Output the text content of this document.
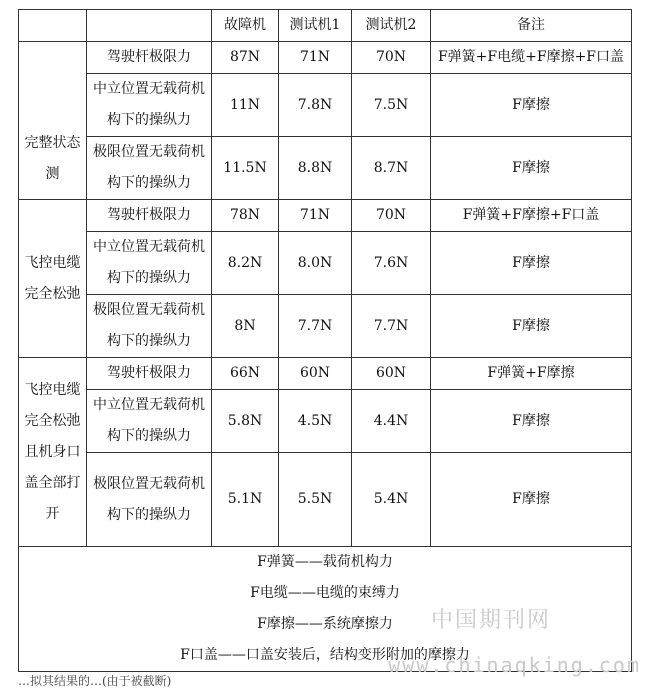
		故障机	测试机1	测试机2	备注
完整状态测	驾驶杆极限力	87N	71N	70N	F弹簧+F电缆+F摩擦+F口盖
	中立位置无载荷机构下的操纵力	11N	7.8N	7.5N	F摩擦
	极限位置无载荷机构下的操纵力	11.5N	8.8N	8.7N	F摩擦
飞控电缆完全松弛	驾驶杆极限力	78N	71N	70N	F弹簧+F摩擦+F口盖
	中立位置无载荷机构下的操纵力	8.2N	8.0N	7.6N	F摩擦
	极限位置无载荷机构下的操纵力	8N	7.7N	7.7N	F摩擦
飞控电缆完全松弛且机身口盖全部打开	驾驶杆极限力	66N	60N	60N	F弹簧+F摩擦
	中立位置无载荷机构下的操纵力	5.8N	4.5N	4.4N	F摩擦
	极限位置无载荷机构下的操纵力	5.1N	5.5N	5.4N	F摩擦

F弹簧——载荷机构力
F电缆——电缆的束缚力
F摩擦——系统摩擦力
F口盖——口盖安装后，结构变形附加的摩擦力					
中国期刊网
www.chinaqking.com
…拟其结果的…(由于被截断)
